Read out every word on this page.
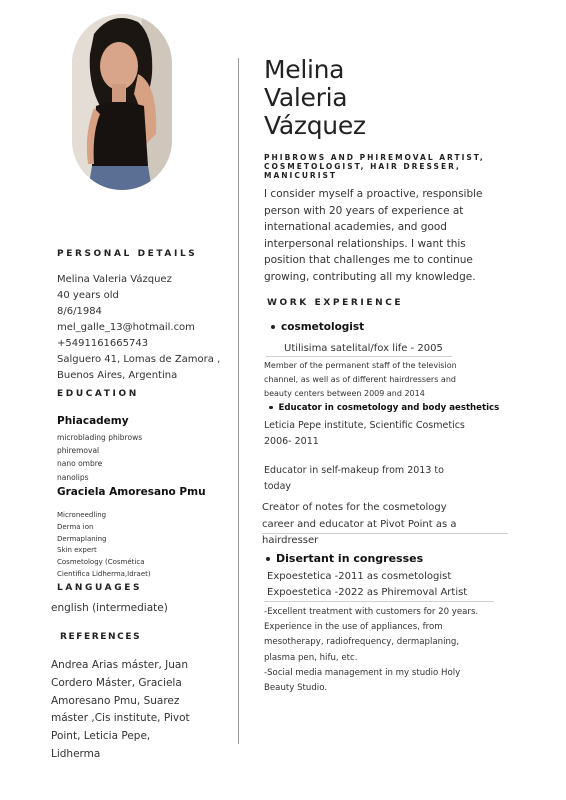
PERSONAL DETAILS
Melina Valeria Vázquez
40 years old
8/6/1984
mel_galle_13@hotmail.com
+5491161665743
Salguero 41, Lomas de Zamora ,
Buenos Aires, Argentina
EDUCATION
Phiacademy
microblading phibrows
phiremoval
nano ombre
nanolips
Graciela Amoresano Pmu
Microneedling
Derma ion
Dermaplaning
Skin expert
Cosmetology (Cosmética
Cientifica Lidherma,Idraet)
LANGUAGES
english (intermediate)
REFERENCES
Andrea Arias máster, Juan
Cordero Máster, Graciela
Amoresano Pmu, Suarez
máster ,Cis institute, Pivot
Point, Leticia Pepe,
Lidherma
Melina
Valeria
Vázquez
PHIBROWS AND PHIREMOVAL ARTIST,
COSMETOLOGIST, HAIR DRESSER,
MANICURIST
I consider myself a proactive, responsible
person with 20 years of experience at
international academies, and good
interpersonal relationships. I want this
position that challenges me to continue
growing, contributing all my knowledge.
WORK EXPERIENCE
cosmetologist
Utilisima satelital/fox life - 2005
Member of the permanent staff of the television
channel, as well as of different hairdressers and
beauty centers between 2009 and 2014
Educator in cosmetology and body aesthetics
Leticia Pepe institute, Scientific Cosmetics
2006- 2011
Educator in self-makeup from 2013 to
today
Creator of notes for the cosmetology
career and educator at Pivot Point as a
hairdresser
Disertant in congresses
Expoestetica -2011 as cosmetologist
Expoestetica -2022 as Phiremoval Artist
-Excellent treatment with customers for 20 years.
Experience in the use of appliances, from
mesotherapy, radiofrequency, dermaplaning,
plasma pen, hifu, etc.
-Social media management in my studio Holy
Beauty Studio.
